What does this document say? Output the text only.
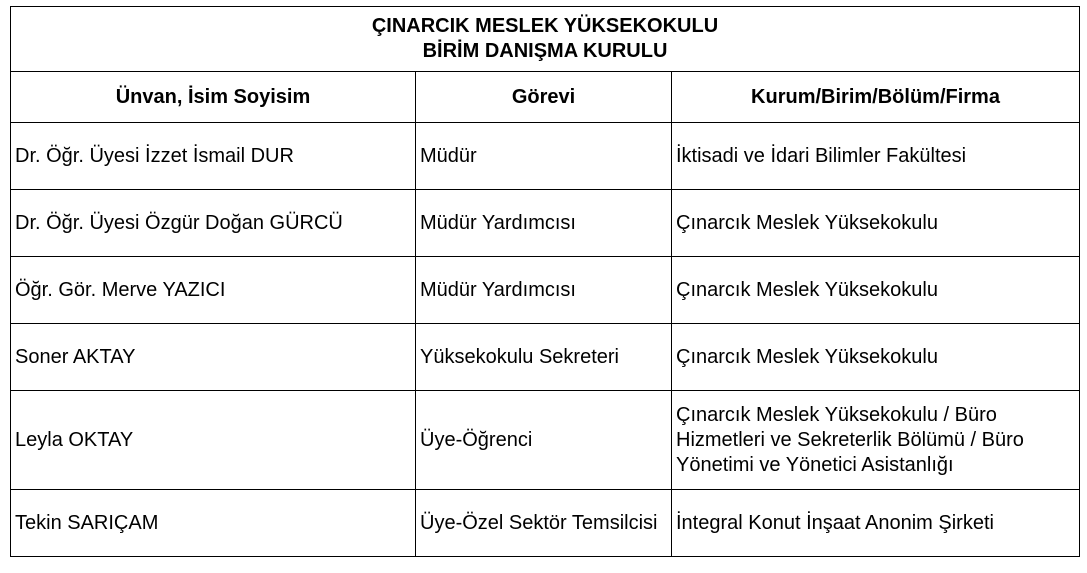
ÇINARCIK MESLEK YÜKSEKOKULU
BİRİM DANIŞMA KURULU		

Ünvan, İsim Soyisim	Görevi	Kurum/Birim/Bölüm/Firma
Dr. Öğr. Üyesi İzzet İsmail DUR	Müdür	İktisadi ve İdari Bilimler Fakültesi
Dr. Öğr. Üyesi Özgür Doğan GÜRCÜ	Müdür Yardımcısı	Çınarcık Meslek Yüksekokulu
Öğr. Gör. Merve YAZICI	Müdür Yardımcısı	Çınarcık Meslek Yüksekokulu
Soner AKTAY	Yüksekokulu Sekreteri	Çınarcık Meslek Yüksekokulu
Leyla OKTAY	Üye-Öğrenci	Çınarcık Meslek Yüksekokulu / Büro Hizmetleri ve Sekreterlik Bölümü / Büro Yönetimi ve Yönetici Asistanlığı
Tekin SARIÇAM	Üye-Özel Sektör Temsilcisi	İntegral Konut İnşaat Anonim Şirketi
